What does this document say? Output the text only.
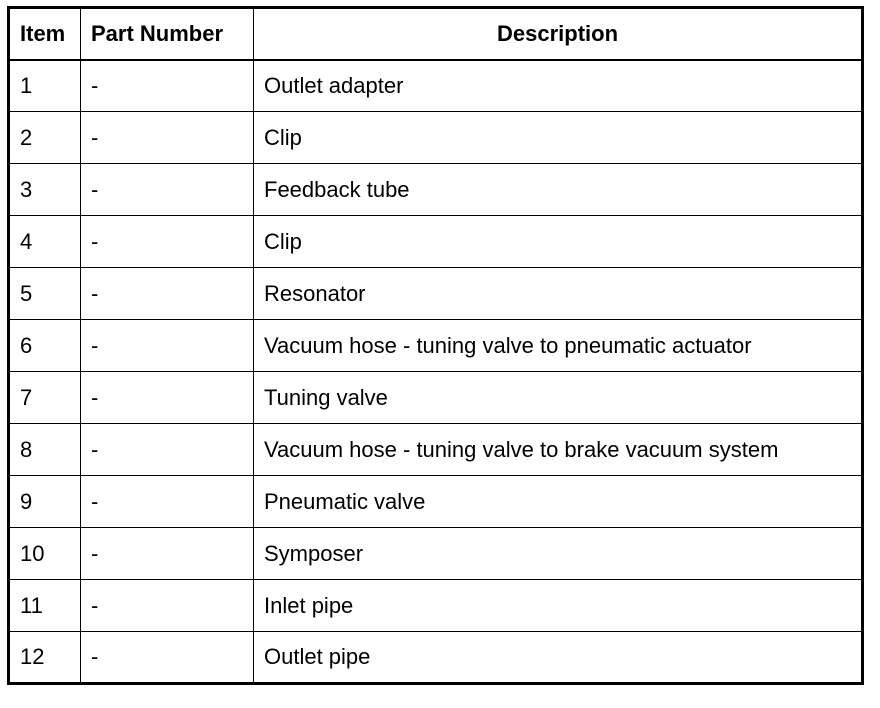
Item	Part Number	Description
1	-	Outlet adapter
2	-	Clip
3	-	Feedback tube
4	-	Clip
5	-	Resonator
6	-	Vacuum hose - tuning valve to pneumatic actuator
7	-	Tuning valve
8	-	Vacuum hose - tuning valve to brake vacuum system
9	-	Pneumatic valve
10	-	Symposer
11	-	Inlet pipe
12	-	Outlet pipe
